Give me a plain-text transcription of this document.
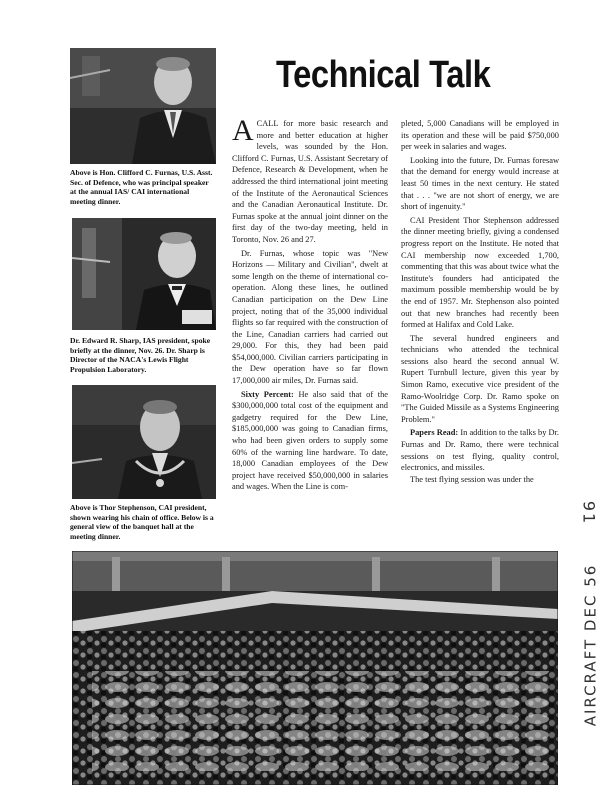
Above is Hon. Clifford C. Furnas, U.S. Asst. Sec. of Defence, who was principal speaker at the annual IAS/ CAI international meeting dinner.
Dr. Edward R. Sharp, IAS president, spoke briefly at the dinner, Nov. 26. Dr. Sharp is Director of the NACA's Lewis Flight Propulsion Laboratory.
Above is Thor Stephenson, CAI president, shown wearing his chain of office. Below is a general view of the banquet hall at the meeting dinner.
Technical Talk

ACALL for more basic research and more and better education at higher levels, was sounded by the Hon. Clifford C. Furnas, U.S. Assistant Secretary of Defence, Research & Development, when he addressed the third international joint meeting of the Institute of the Aeronautical Sciences and the Canadian Aeronautical Institute. Dr. Furnas spoke at the annual joint dinner on the first day of the two-day meeting, held in Toronto, Nov. 26 and 27.

Dr. Furnas, whose topic was "New Horizons — Military and Civilian", dwelt at some length on the theme of international co-operation. Along these lines, he outlined Canadian participation on the Dew Line project, noting that of the 35,000 individual flights so far required with the construction of the Line, Canadian carriers had carried out 29,000. For this, they had been paid $54,000,000. Civilian carriers participating in the Dew operation have so far flown 17,000,000 air miles, Dr. Furnas said.

Sixty Percent: He also said that of the $300,000,000 total cost of the equipment and gadgetry required for the Dew Line, $185,000,000 was going to Canadian firms, who had been given orders to supply some 60% of the warning line hardware. To date, 18,000 Canadian employees of the Dew project have received $50,000,000 in salaries and wages. When the Line is com-

pleted, 5,000 Canadians will be employed in its operation and these will be paid $750,000 per week in salaries and wages.

Looking into the future, Dr. Furnas foresaw that the demand for energy would increase at least 50 times in the next century. He stated that . . . "we are not short of energy, we are short of ingenuity."

CAI President Thor Stephenson addressed the dinner meeting briefly, giving a condensed progress report on the Institute. He noted that CAI membership now exceeded 1,700, commenting that this was about twice what the Institute's founders had anticipated the maximum possible membership would be by the end of 1957. Mr. Stephenson also pointed out that new branches had recently been formed at Halifax and Cold Lake.

The several hundred engineers and technicians who attended the technical sessions also heard the second annual W. Rupert Turnbull lecture, given this year by Simon Ramo, executive vice president of the Ramo-Woolridge Corp. Dr. Ramo spoke on "The Guided Missile as a Systems Engineering Problem."

Papers Read: In addition to the talks by Dr. Furnas and Dr. Ramo, there were technical sessions on test flying, quality control, electronics, and missiles.

The test flying session was under the

91
AIRCRAFT DEC 56
